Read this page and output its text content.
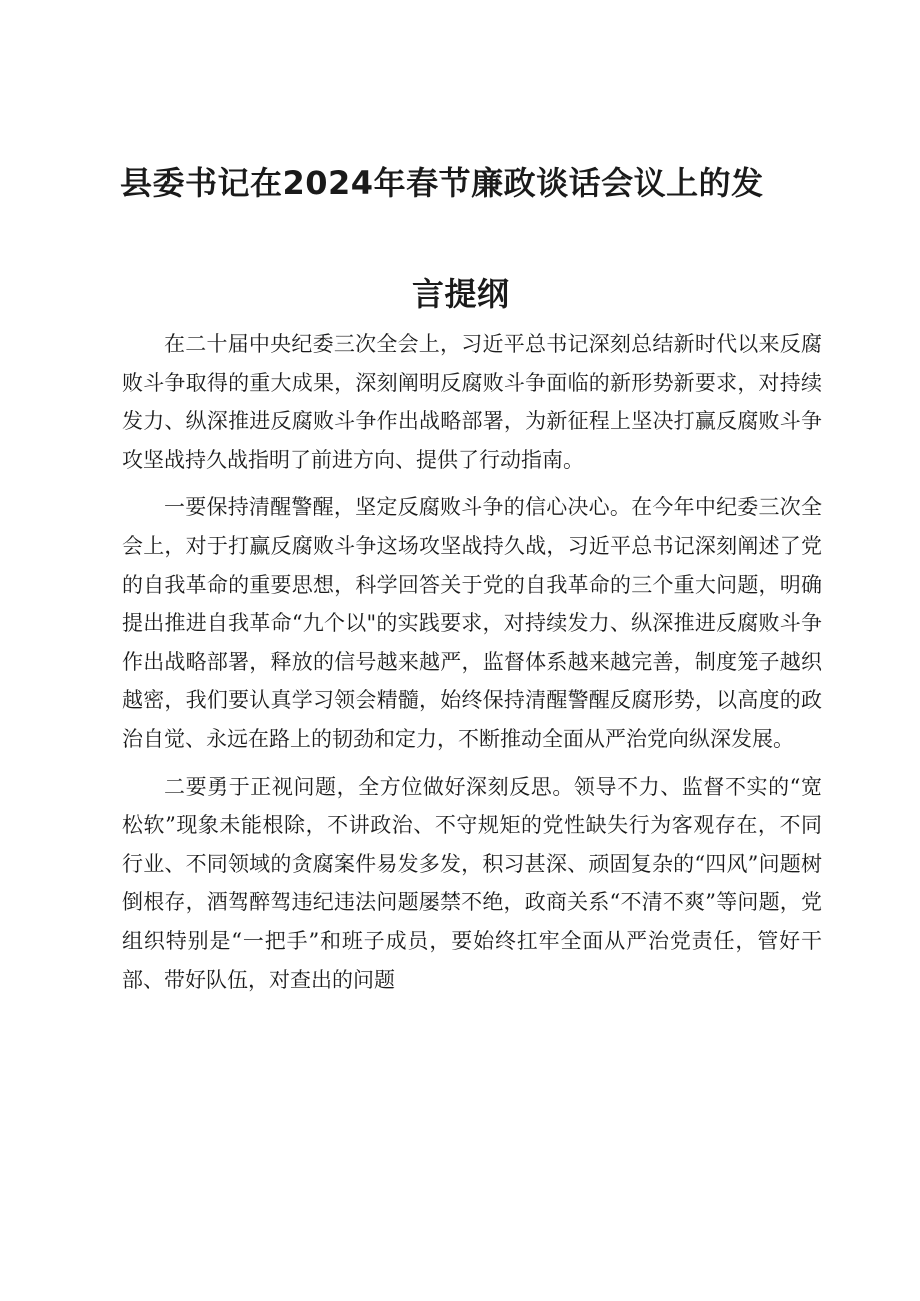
县委书记在2024年春节廉政谈话会议上的发
言提纲

在二十届中央纪委三次全会上，习近平总书记深刻总结新时代以来反腐败斗争取得的重大成果，深刻阐明反腐败斗争面临的新形势新要求，对持续发力、纵深推进反腐败斗争作出战略部署，为新征程上坚决打赢反腐败斗争攻坚战持久战指明了前进方向、提供了行动指南。

一要保持清醒警醒，坚定反腐败斗争的信心决心。在今年中纪委三次全会上，对于打赢反腐败斗争这场攻坚战持久战，习近平总书记深刻阐述了党的自我革命的重要思想，科学回答关于党的自我革命的三个重大问题，明确提出推进自我革命“九个以"的实践要求，对持续发力、纵深推进反腐败斗争作出战略部署，释放的信号越来越严，监督体系越来越完善，制度笼子越织越密，我们要认真学习领会精髓，始终保持清醒警醒反腐形势，以高度的政治自觉、永远在路上的韧劲和定力，不断推动全面从严治党向纵深发展。

二要勇于正视问题，全方位做好深刻反思。领导不力、监督不实的“宽松软”现象未能根除，不讲政治、不守规矩的党性缺失行为客观存在，不同行业、不同领域的贪腐案件易发多发，积习甚深、顽固复杂的“四风”问题树倒根存，酒驾醉驾违纪违法问题屡禁不绝，政商关系“不清不爽”等问题，党组织特别是“一把手”和班子成员，要始终扛牢全面从严治党责任，管好干部、带好队伍，对查出的问题
